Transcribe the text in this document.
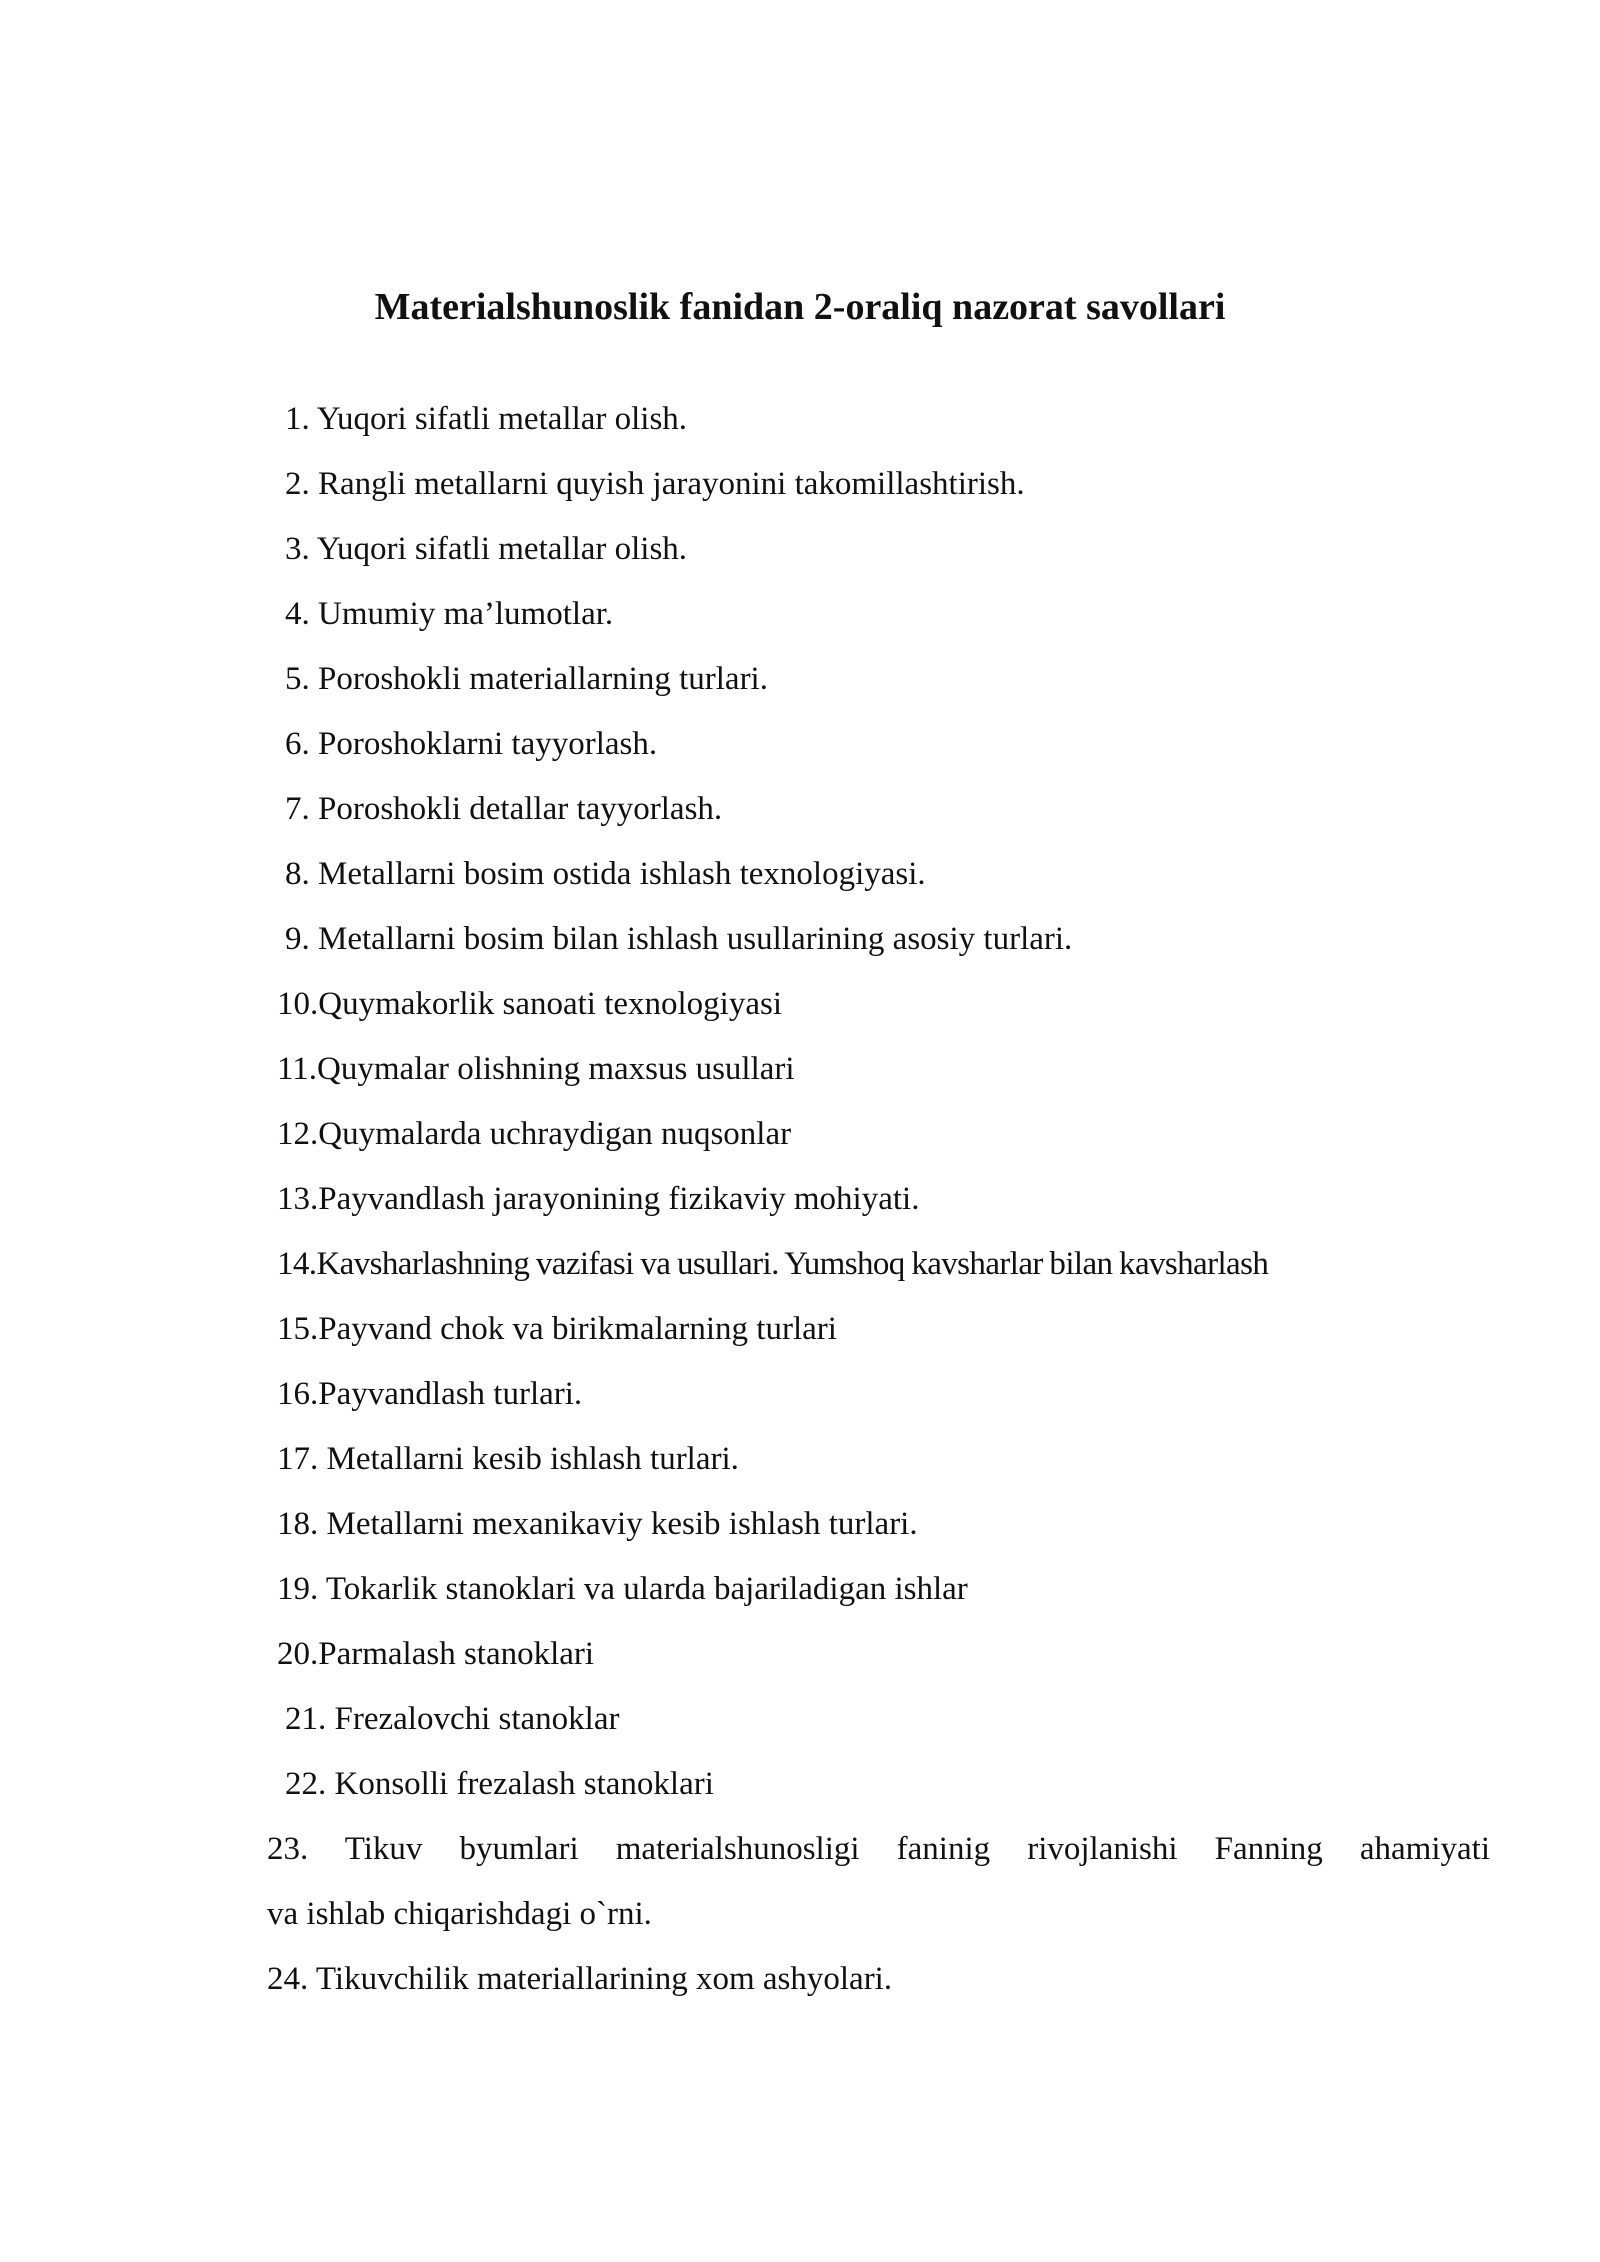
Materialshunoslik fanidan 2-oraliq nazorat savollari
1. Yuqori sifatli metallar olish.
2. Rangli metallarni quyish jarayonini takomillashtirish.
3. Yuqori sifatli metallar olish.
4. Umumiy ma’lumotlar.
5. Poroshokli materiallarning turlari.
6. Poroshoklarni tayyorlash.
7. Poroshokli detallar tayyorlash.
8. Metallarni bosim ostida ishlash texnologiyasi.
9. Metallarni bosim bilan ishlash usullarining asosiy turlari.
10.Quymakorlik sanoati texnologiyasi
11.Quymalar olishning maxsus usullari
12.Quymalarda uchraydigan nuqsonlar
13.Payvandlash jarayonining fizikaviy mohiyati.
14.Kavsharlashning vazifasi va usullari. Yumshoq kavsharlar bilan kavsharlash
15.Payvand chok va birikmalarning turlari
16.Payvandlash turlari.
17. Metallarni kesib ishlash turlari.
18. Metallarni mexanikaviy kesib ishlash turlari.
19. Tokarlik stanoklari va ularda bajariladigan ishlar
20.Parmalash stanoklari
21. Frezalovchi stanoklar
22. Konsolli frezalash stanoklari
23. Tikuv byumlari materialshunosligi faninig rivojlanishi Fanning ahamiyati
va ishlab chiqarishdagi o`rni.
24. Tikuvchilik materiallarining xom ashyolari.
